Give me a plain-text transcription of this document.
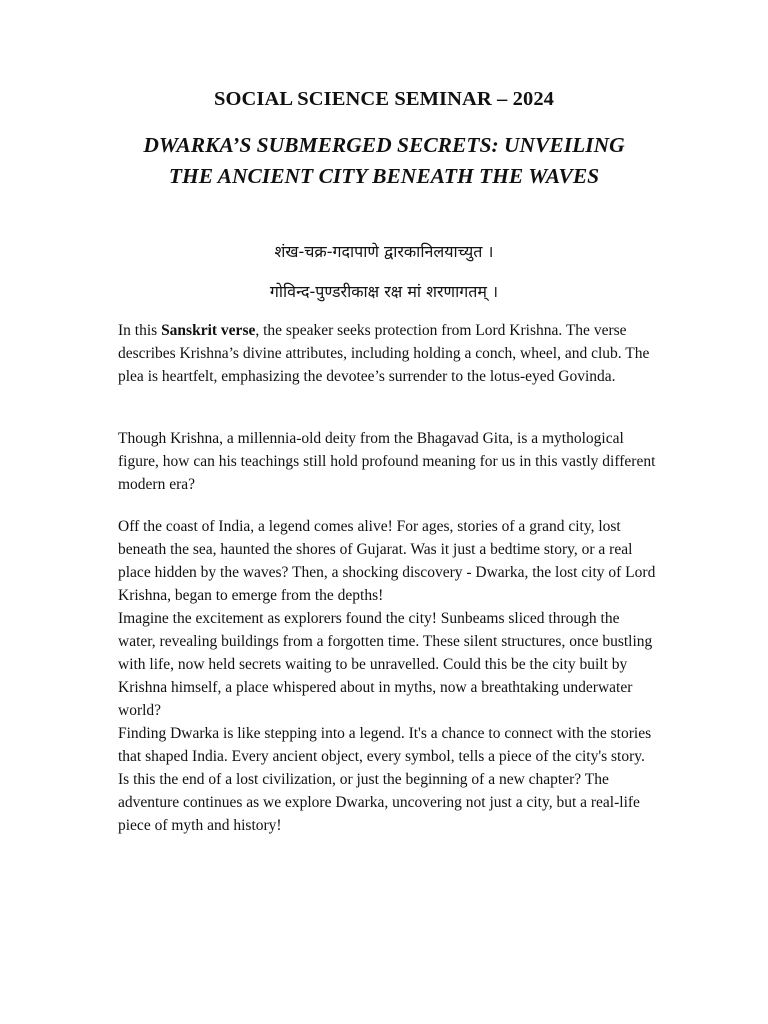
SOCIAL SCIENCE SEMINAR – 2024
DWARKA’S SUBMERGED SECRETS: UNVEILING
THE ANCIENT CITY BENEATH THE WAVES

शंख-चक्र-गदापाणे द्वारकानिलयाच्युत ।

गोविन्द-पुण्डरीकाक्ष रक्ष मां शरणागतम् ।

In this Sanskrit verse, the speaker seeks protection from Lord Krishna. The verse describes Krishna’s divine attributes, including holding a conch, wheel, and club. The plea is heartfelt, emphasizing the devotee’s surrender to the lotus-eyed Govinda.

Though Krishna, a millennia-old deity from the Bhagavad Gita, is a mythological figure, how can his teachings still hold profound meaning for us in this vastly different modern era?

Off the coast of India, a legend comes alive! For ages, stories of a grand city, lost beneath the sea, haunted the shores of Gujarat. Was it just a bedtime story, or a real place hidden by the waves? Then, a shocking discovery - Dwarka, the lost city of Lord Krishna, began to emerge from the depths!
Imagine the excitement as explorers found the city! Sunbeams sliced through the water, revealing buildings from a forgotten time. These silent structures, once bustling with life, now held secrets waiting to be unravelled. Could this be the city built by Krishna himself, a place whispered about in myths, now a breathtaking underwater world?
Finding Dwarka is like stepping into a legend. It's a chance to connect with the stories that shaped India. Every ancient object, every symbol, tells a piece of the city's story. Is this the end of a lost civilization, or just the beginning of a new chapter? The adventure continues as we explore Dwarka, uncovering not just a city, but a real-life piece of myth and history!
